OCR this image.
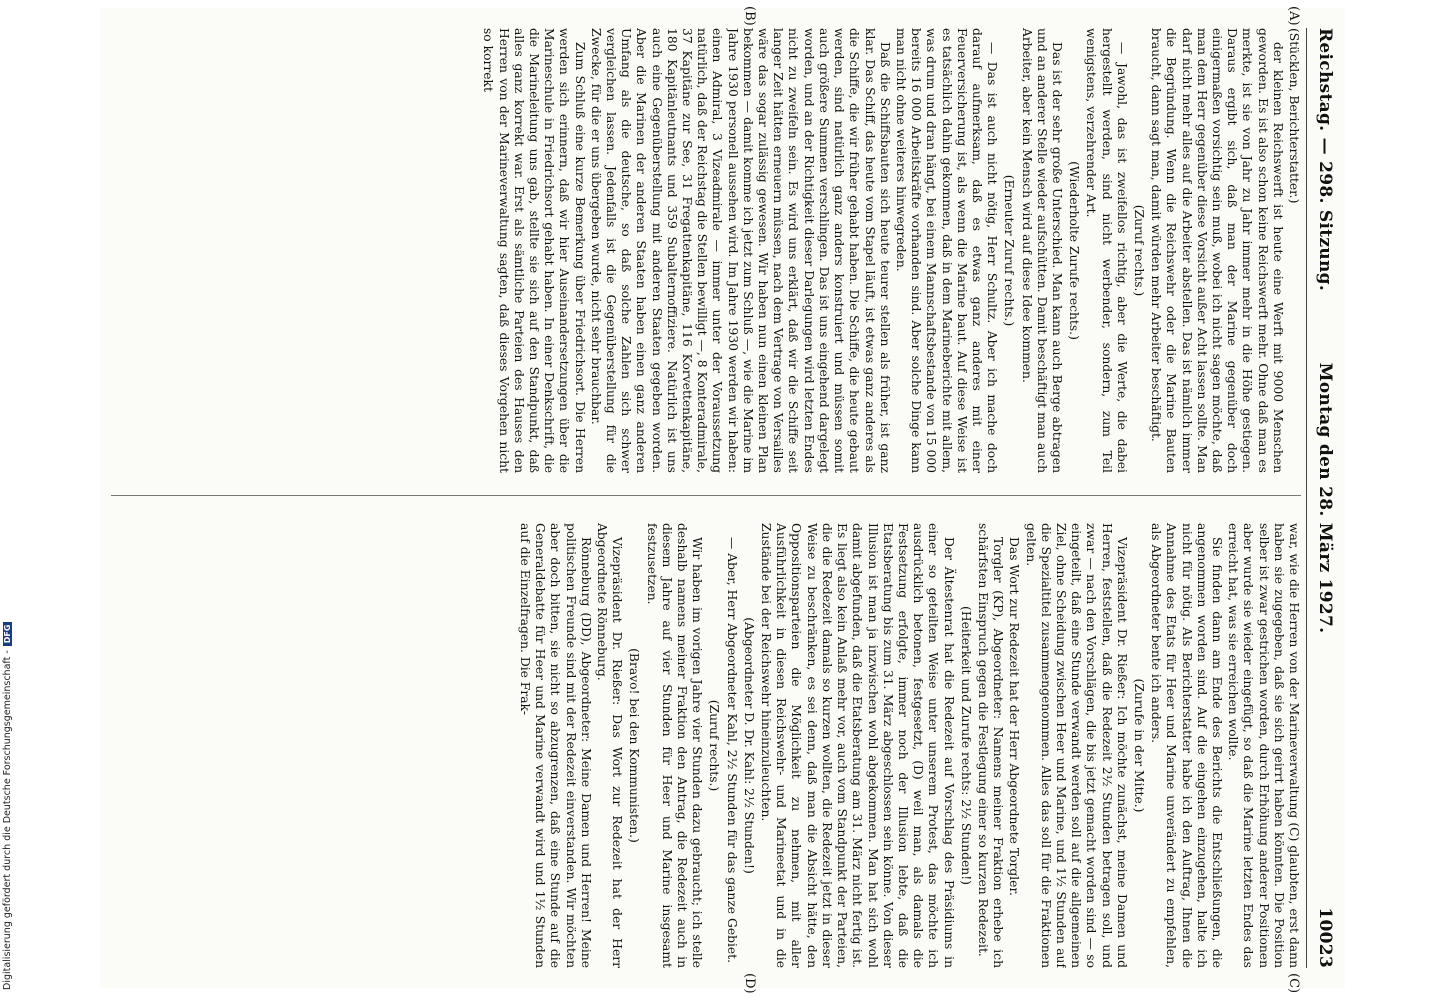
Reichstag. — 298. Sitzung.
Montag den 28. März 1927.
10023
(A)
(B)
(C)
(D)

(Stücklen, Berichterstatter.)

der kleinen Reichswerft ist heute eine Werft mit 9000 Menschen geworden. Es ist also schon keine Reichswerft mehr. Ohne daß man es merkte, ist sie von Jahr zu Jahr immer mehr in die Höhe gestiegen. Daraus ergibt sich, daß man der Marine gegenüber doch einigermaßen vorsichtig sein muß, wobei ich nicht sagen möchte, daß man dem Herr gegenüber diese Vorsicht außer Acht lassen sollte. Man darf nicht mehr alles auf die Arbeiter abstellen. Das ist nämlich immer die Begründung. Wenn die Reichswehr oder die Marine Bauten braucht, dann sagt man, damit würden mehr Arbeiter beschäftigt.

(Zuruf rechts.)

— Jawohl, das ist zweifellos richtig, aber die Werte, die dabei hergestellt werden, sind nicht werbender, sondern, zum Teil wenigstens, verzehrender Art.

(Wiederholte Zurufe rechts.)

Das ist der sehr große Unterschied. Man kann auch Berge abtragen und an anderer Stelle wieder aufschütten. Damit beschäftigt man auch Arbeiter, aber kein Mensch wird auf diese Idee kommen.

(Erneuter Zuruf rechts.)

— Das ist auch nicht nötig, Herr Schultz. Aber ich mache doch darauf aufmerksam, daß es etwas ganz anderes mit einer Feuerversicherung ist, als wenn die Marine baut. Auf diese Weise ist es tatsächlich dahin gekommen, daß in dem Marineberichte mit allem, was drum und dran hängt, bei einem Mannschaftsbestande von 15 000 bereits 16 000 Arbeitskräfte vorhanden sind. Aber solche Dinge kann man nicht ohne weiteres hinwegreden.

Daß die Schiffsbauten sich heute teurer stellen als früher, ist ganz klar. Das Schiff, das heute vom Stapel läuft, ist etwas ganz anderes als die Schiffe, die wir früher gehabt haben. Die Schiffe, die heute gebaut werden, sind natürlich ganz anders konstruiert und müssen somit auch größere Summen verschlingen. Das ist uns eingehend dargelegt worden, und an der Richtigkeit dieser Darlegungen wird letzten Endes nicht zu zweifeln sein. Es wird uns erklärt, daß wir die Schiffe seit langer Zeit hätten erneuern müssen, nach dem Vertrage von Versailles wäre das sogar zulässig gewesen. Wir haben nun einen kleinen Plan bekommen — damit komme ich jetzt zum Schluß —, wie die Marine im Jahre 1930 personell aussehen wird. Im Jahre 1930 werden wir haben: einen Admiral, 3 Vizeadmirale — immer unter der Voraussetzung natürlich, daß der Reichstag die Stellen bewilligt —, 8 Konteradmirale, 37 Kapitäne zur See, 31 Fregattenkapitäne, 116 Korvettenkapitäne, 180 Kapitänleutnants und 359 Subalternoffiziere. Natürlich ist uns auch eine Gegenüberstellung mit anderen Staaten gegeben worden. Aber die Marinen der anderen Staaten haben einen ganz anderen Umfang als die deutsche, so daß solche Zahlen sich schwer vergleichen lassen. Jedenfalls ist die Gegenüberstellung für die Zwecke, für die er uns übergeben wurde, nicht sehr brauchbar.

Zum Schluß eine kurze Bemerkung über Friedrichsort. Die Herren werden sich erinnern, daß wir hier Auseinandersetzungen über die Marineschule in Friedrichsort gehabt haben. In einer Denkschrift, die die Marineleitung uns gab, stellte sie sich auf den Standpunkt, daß alles ganz korrekt war. Erst als sämtliche Parteien des Hauses den Herren von der Marineverwaltung sagten, daß dieses Vorgehen nicht so korrekt

war, wie die Herren von der Marineverwaltung (C) glaubten, erst dann haben sie zugegeben, daß sie sich geirrt haben könnten. Die Position selber ist zwar gestrichen worden, durch Erhöhung anderer Positionen aber wurde sie wieder eingefügt, so daß die Marine letzten Endes das erreicht hat, was sie erreichen wollte.

Sie finden dann am Ende des Berichts die Entschließungen, die angenommen worden sind. Auf die eingehen einzugehen, halte ich nicht für nötig. Als Berichterstatter habe ich den Auftrag, Ihnen die Annahme des Etats für Heer und Marine unverändert zu empfehlen, als Abgeordneter bente ich anders.

(Zurufe in der Mitte.)

Vizepräsident Dr. Rießer: Ich möchte zunächst, meine Damen und Herren, feststellen, daß die Redezeit 2½ Stunden betragen soll, und zwar — nach den Vorschlägen, die bis jetzt gemacht worden sind — so eingeteilt, daß eine Stunde verwandt werden soll auf die allgemeinen Ziel, ohne Scheidung zwischen Heer und Marine, und 1½ Stunden auf die Spezialtitel zusammengenommen. Alles das soll für die Fraktionen gelten.

Das Wort zur Redezeit hat der Herr Abgeordnete Torgler.

Torgler (KP), Abgeordneter: Namens meiner Fraktion erhebe ich schärfsten Einspruch gegen die Festlegung einer so kurzen Redezeit.

(Heiterkeit und Zurufe rechts: 2½ Stunden!)

Der Ältestenrat hat die Redezeit auf Vorschlag des Präsidiums in einer so geteilten Weise unter unserem Protest, das möchte ich ausdrücklich betonen, festgesetzt, (D) weil man, als damals die Festsetzung erfolgte, immer noch der Illusion lebte, daß die Etatsberatung bis zum 31. März abgeschlossen sein könne. Von dieser Illusion ist man ja inzwischen wohl abgekommen. Man hat sich wohl damit abgefunden, daß die Etatsberatung am 31. März nicht fertig ist. Es liegt also kein Anlaß mehr vor, auch vom Standpunkt der Parteien, die die Redezeit damals so kurzen wollten, die Redezeit jetzt in dieser Weise zu beschränken, es sei denn, daß man die Absicht hätte, den Oppositionsparteien die Möglichkeit zu nehmen, mit aller Ausführlichkeit in diesen Reichswehr- und Marineetat und in die Zustände bei der Reichswehr hineinzuleuchten.

(Abgeordneter D. Dr. Kahl: 2½ Stunden!)

— Aber, Herr Abgeordneter Kahl, 2½ Stunden für das ganze Gebiet.

(Zuruf rechts.)

Wir haben im vorigen Jahre vier Stunden dazu gebraucht; ich stelle deshalb namens meiner Fraktion den Antrag, die Redezeit auch in diesem Jahre auf vier Stunden für Heer und Marine insgesamt festzusetzen.

(Bravo! bei den Kommunisten.)

Vizepräsident Dr. Rießer: Das Wort zur Redezeit hat der Herr Abgeordnete Rönneburg.

Rönneburg (DD), Abgeordneter: Meine Damen und Herren! Meine politischen Freunde sind mit der Redezeit einverstanden. Wir möchten aber doch bitten, sie nicht so abzugrenzen, daß eine Stunde auf die Generaldebatte für Heer und Marine verwandt wird und 1½ Stunden auf die Einzelfragen. Die Frak-

Digitalisierung gefördert durch die Deutsche Forschungsgemeinschaft -DFG
